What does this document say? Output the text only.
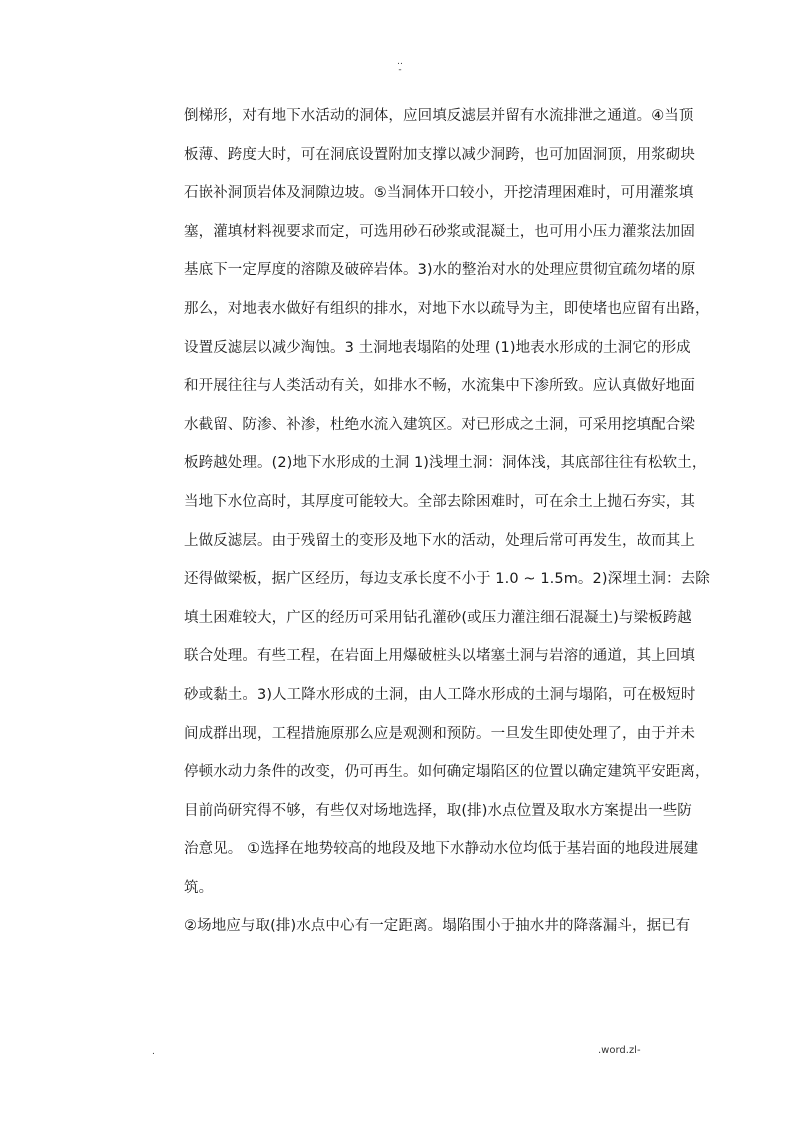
..
-
倒梯形，对有地下水活动的洞体，应回填反滤层并留有水流排泄之通道。④当顶
板薄、跨度大时，可在洞底设置附加支撑以减少洞跨，也可加固洞顶，用浆砌块
石嵌补洞顶岩体及洞隙边坡。⑤当洞体开口较小，开挖清理困难时，可用灌浆填
塞，灌填材料视要求而定，可选用砂石砂浆或混凝土，也可用小压力灌浆法加固
基底下一定厚度的溶隙及破碎岩体。3)水的整治对水的处理应贯彻宜疏勿堵的原
那么，对地表水做好有组织的排水，对地下水以疏导为主，即使堵也应留有出路，
设置反滤层以减少淘蚀。3 土洞地表塌陷的处理 (1)地表水形成的土洞它的形成
和开展往往与人类活动有关，如排水不畅，水流集中下渗所致。应认真做好地面
水截留、防渗、补渗，杜绝水流入建筑区。对已形成之土洞，可采用挖填配合梁
板跨越处理。(2)地下水形成的土洞 1)浅埋土洞：洞体浅，其底部往往有松软土，
当地下水位高时，其厚度可能较大。全部去除困难时，可在余土上抛石夯实，其
上做反滤层。由于残留土的变形及地下水的活动，处理后常可再发生，故而其上
还得做梁板，据广区经历，每边支承长度不小于 1.0 ~ 1.5m。2)深埋土洞：去除
填土困难较大，广区的经历可采用钻孔灌砂(或压力灌注细石混凝土)与梁板跨越
联合处理。有些工程，在岩面上用爆破桩头以堵塞土洞与岩溶的通道，其上回填
砂或黏土。3)人工降水形成的土洞，由人工降水形成的土洞与塌陷，可在极短时
间成群出现，工程措施原那么应是观测和预防。一旦发生即使处理了，由于并未
停顿水动力条件的改变，仍可再生。如何确定塌陷区的位置以确定建筑平安距离，
目前尚研究得不够，有些仅对场地选择，取(排)水点位置及取水方案提出一些防
治意见。 ①选择在地势较高的地段及地下水静动水位均低于基岩面的地段进展建
筑。
②场地应与取(排)水点中心有一定距离。塌陷围小于抽水井的降落漏斗，据已有
.	.word.zl-
